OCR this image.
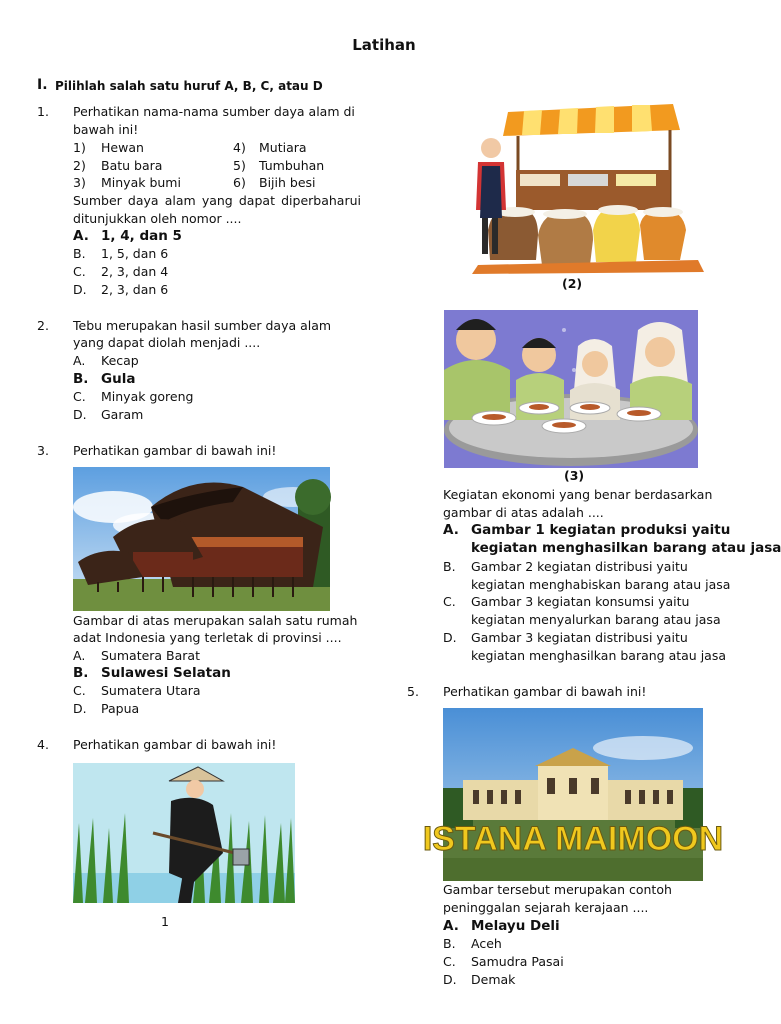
Latihan
I. Pilihlah salah satu huruf A, B, C, atau D
1. Perhatikan nama-nama sumber daya alam di
bawah ini!
1) Hewan	4) Mutiara
2) Batu bara	5) Tumbuhan
3) Minyak bumi	6) Bijih besi
Sumber daya alam yang dapat diperbaharui
ditunjukkan oleh nomor ....
A. 1, 4, dan 5
B. 1, 5, dan 6
C. 2, 3, dan 4
D. 2, 3, dan 6
2. Tebu merupakan hasil sumber daya alam
yang dapat diolah menjadi ....
A. Kecap
B. Gula
C. Minyak goreng
D. Garam
3. Perhatikan gambar di bawah ini!
Gambar di atas merupakan salah satu rumah
adat Indonesia yang terletak di provinsi ....
A. Sumatera Barat
B. Sulawesi Selatan
C. Sumatera Utara
D. Papua
4. Perhatikan gambar di bawah ini!
1
(2)
(3)
Kegiatan ekonomi yang benar berdasarkan
gambar di atas adalah ....
A. Gambar 1 kegiatan produksi yaitu
kegiatan menghasilkan barang atau jasa
B. Gambar 2 kegiatan distribusi yaitu
kegiatan menghabiskan barang atau jasa
C. Gambar 3 kegiatan konsumsi yaitu
kegiatan menyalurkan barang atau jasa
D. Gambar 3 kegiatan distribusi yaitu
kegiatan menghasilkan barang atau jasa
5. Perhatikan gambar di bawah ini!
ISTANA MAIMOON
Gambar tersebut merupakan contoh
peninggalan sejarah kerajaan ....
A. Melayu Deli
B. Aceh
C. Samudra Pasai
D. Demak
